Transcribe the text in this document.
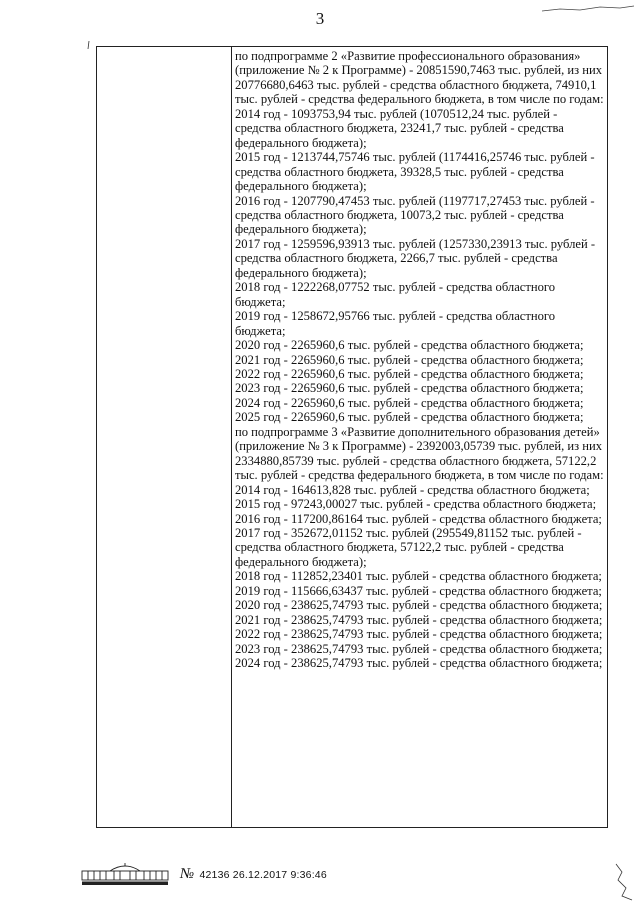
3

по подпрограмме 2 «Развитие профессионального образования» (приложение № 2 к Программе) - 20851590,7463 тыс. рублей, из них 20776680,6463 тыс. рублей - средства областного бюджета, 74910,1 тыс. рублей - средства федерального бюджета, в том числе по годам:

2014 год - 1093753,94 тыс. рублей (1070512,24 тыс. рублей - средства областного бюджета, 23241,7 тыс. рублей - средства федерального бюджета);

2015 год - 1213744,75746 тыс. рублей (1174416,25746 тыс. рублей - средства областного бюджета, 39328,5 тыс. рублей - средства федерального бюджета);

2016 год - 1207790,47453 тыс. рублей (1197717,27453 тыс. рублей - средства областного бюджета, 10073,2 тыс. рублей - средства федерального бюджета);

2017 год - 1259596,93913 тыс. рублей (1257330,23913 тыс. рублей - средства областного бюджета, 2266,7 тыс. рублей - средства федерального бюджета);

2018 год - 1222268,07752 тыс. рублей - средства областного бюджета;

2019 год - 1258672,95766 тыс. рублей - средства областного бюджета;

2020 год - 2265960,6 тыс. рублей - средства областного бюджета;

2021 год - 2265960,6 тыс. рублей - средства областного бюджета;

2022 год - 2265960,6 тыс. рублей - средства областного бюджета;

2023 год - 2265960,6 тыс. рублей - средства областного бюджета;

2024 год - 2265960,6 тыс. рублей - средства областного бюджета;

2025 год - 2265960,6 тыс. рублей - средства областного бюджета;

по подпрограмме 3 «Развитие дополнительного образования детей» (приложение № 3 к Программе) - 2392003,05739 тыс. рублей, из них 2334880,85739 тыс. рублей - средства областного бюджета, 57122,2 тыс. рублей - средства федерального бюджета, в том числе по годам:

2014 год - 164613,828 тыс. рублей - средства областного бюджета;

2015 год - 97243,00027 тыс. рублей - средства областного бюджета;

2016 год - 117200,86164 тыс. рублей - средства областного бюджета;

2017 год - 352672,01152 тыс. рублей (295549,81152 тыс. рублей - средства областного бюджета, 57122,2 тыс. рублей - средства федерального бюджета);

2018 год - 112852,23401 тыс. рублей - средства областного бюджета;

2019 год - 115666,63437 тыс. рублей - средства областного бюджета;

2020 год - 238625,74793 тыс. рублей - средства областного бюджета;

2021 год - 238625,74793 тыс. рублей - средства областного бюджета;

2022 год - 238625,74793 тыс. рублей - средства областного бюджета;

2023 год - 238625,74793 тыс. рублей - средства областного бюджета;

2024 год - 238625,74793 тыс. рублей - средства областного бюджета;

№ 42136 26.12.2017 9:36:46
